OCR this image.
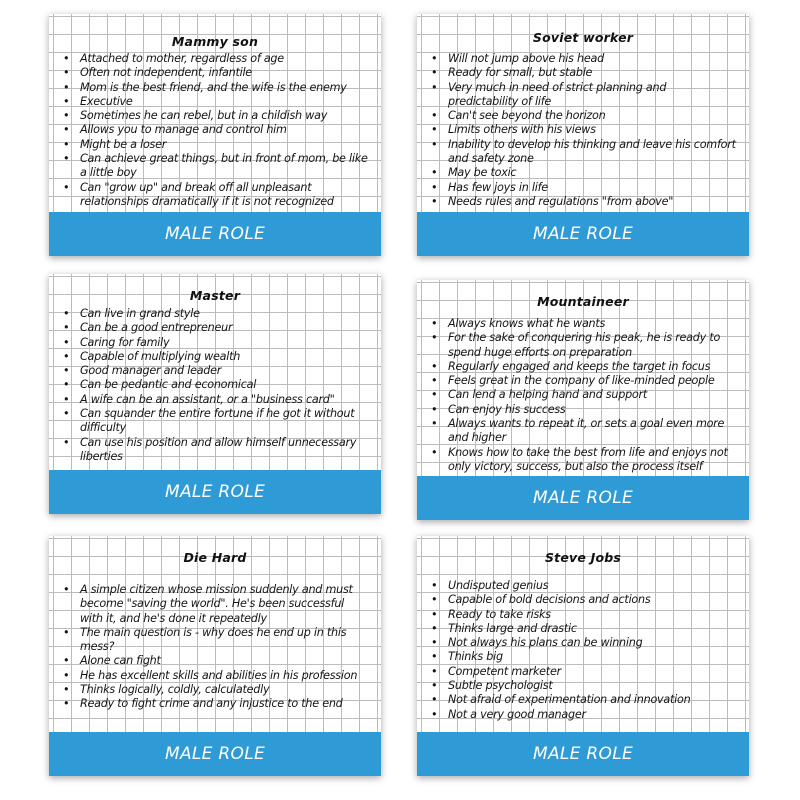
Mammy son
• Attached to mother, regardless of age
• Often not independent, infantile
• Mom is the best friend, and the wife is the enemy
• Executive
• Sometimes he can rebel, but in a childish way
• Allows you to manage and control him
• Might be a loser
• Can achieve great things, but in front of mom, be like a little boy
• Can "grow up" and break off all unpleasant relationships dramatically if it is not recognized
MALE ROLE
Soviet worker
• Will not jump above his head
• Ready for small, but stable
• Very much in need of strict planning and predictability of life
• Can't see beyond the horizon
• Limits others with his views
• Inability to develop his thinking and leave his comfort and safety zone
• May be toxic
• Has few joys in life
• Needs rules and regulations "from above"
MALE ROLE
Master
• Can live in grand style
• Can be a good entrepreneur
• Caring for family
• Capable of multiplying wealth
• Good manager and leader
• Can be pedantic and economical
• A wife can be an assistant, or a "business card"
• Can squander the entire fortune if he got it without difficulty
• Can use his position and allow himself unnecessary liberties
MALE ROLE
Mountaineer
• Always knows what he wants
• For the sake of conquering his peak, he is ready to spend huge efforts on preparation
• Regularly engaged and keeps the target in focus
• Feels great in the company of like-minded people
• Can lend a helping hand and support
• Can enjoy his success
• Always wants to repeat it, or sets a goal even more and higher
• Knows how to take the best from life and enjoys not only victory, success, but also the process itself
MALE ROLE
Die Hard
• A simple citizen whose mission suddenly and must become "saving the world". He's been successful with it, and he's done it repeatedly
• The main question is - why does he end up in this mess?
• Alone can fight
• He has excellent skills and abilities in his profession
• Thinks logically, coldly, calculatedly
• Ready to fight crime and any injustice to the end
MALE ROLE
Steve Jobs
• Undisputed genius
• Capable of bold decisions and actions
• Ready to take risks
• Thinks large and drastic
• Not always his plans can be winning
• Thinks big
• Competent marketer
• Subtle psychologist
• Not afraid of experimentation and innovation
• Not a very good manager
MALE ROLE
